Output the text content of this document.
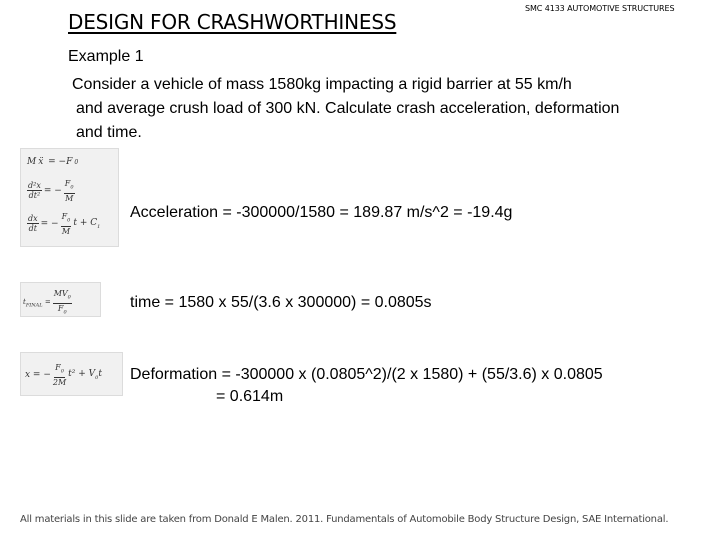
DESIGN FOR CRASHWORTHINESS
SMC 4133 AUTOMOTIVE STRUCTURES
Example 1
Consider a vehicle of mass 1580kg impacting a rigid barrier at 55 km/h
and average crush load of 300 kN. Calculate crash acceleration, deformation
and time.
M ẍ = −F 0
$\frac{\text{d²x}}{\text{dt²}}$ = − $\frac{F_0}{M}$
$\frac{dx}{dt}$ = − $\frac{F_0}{M}$ $t + C_1$
Acceleration = -300000/1580 = 189.87 m/s^2 = -19.4g
$t_{FINAL} = \frac{MV_0}{F_0}$	time = 1580 x 55/(3.6 x 300000) = 0.0805s
x = − $\frac{F_0}{2M} t^2 + V_0t$ Deformation = -300000 x (0.0805^2)/(2 x 1580) + (55/3.6) x 0.0805
= 0.614m
All materials in this slide are taken from Donald E Malen. 2011. Fundamentals of Automobile Body Structure Design, SAE International.
